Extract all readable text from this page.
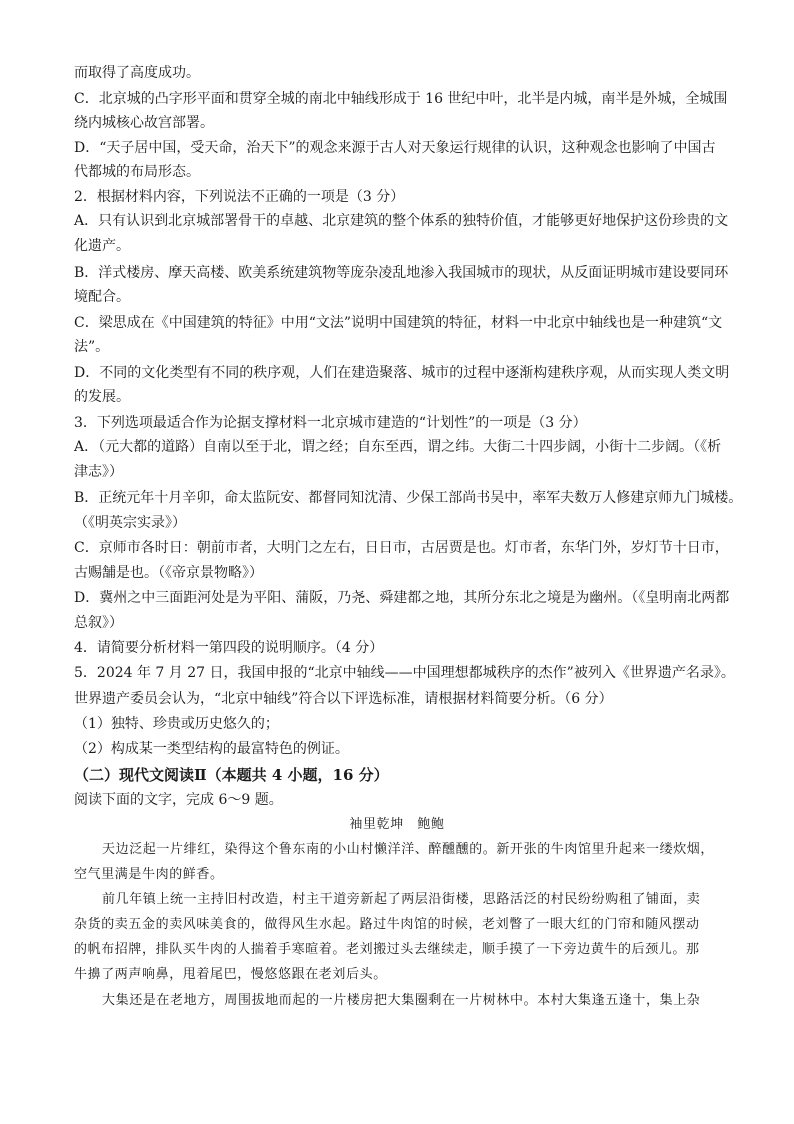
而取得了高度成功。
C．北京城的凸字形平面和贯穿全城的南北中轴线形成于 16 世纪中叶，北半是内城，南半是外城，全城围
绕内城核心故宫部署。
D．“天子居中国，受天命，治天下”的观念来源于古人对天象运行规律的认识，这种观念也影响了中国古
代都城的布局形态。
2．根据材料内容，下列说法不正确的一项是（3 分）
A．只有认识到北京城部署骨干的卓越、北京建筑的整个体系的独特价值，才能够更好地保护这份珍贵的文
化遗产。
B．洋式楼房、摩天高楼、欧美系统建筑物等庞杂凌乱地渗入我国城市的现状，从反面证明城市建设要同环
境配合。
C．梁思成在《中国建筑的特征》中用“文法”说明中国建筑的特征，材料一中北京中轴线也是一种建筑“文
法”。
D．不同的文化类型有不同的秩序观，人们在建造聚落、城市的过程中逐渐构建秩序观，从而实现人类文明
的发展。
3．下列选项最适合作为论据支撑材料一北京城市建造的“计划性”的一项是（3 分）
A．（元大都的道路）自南以至于北，谓之经；自东至西，谓之纬。大街二十四步阔，小街十二步阔。（《析
津志》）
B．正统元年十月辛卯，命太监阮安、都督同知沈清、少保工部尚书吴中，率军夫数万人修建京师九门城楼。
（《明英宗实录》）
C．京师市各时日：朝前市者，大明门之左右，日日市，古居贾是也。灯市者，东华门外，岁灯节十日市，
古赐舗是也。（《帝京景物略》）
D．冀州之中三面距河处是为平阳、蒲阪，乃尧、舜建都之地，其所分东北之境是为幽州。（《皇明南北两都
总叙》）
4．请简要分析材料一第四段的说明顺序。（4 分）
5．2024 年 7 月 27 日，我国申报的“北京中轴线——中国理想都城秩序的杰作”被列入《世界遗产名录》。
世界遗产委员会认为，“北京中轴线”符合以下评选标准，请根据材料简要分析。（6 分）
（1）独特、珍贵或历史悠久的；
（2）构成某一类型结构的最富特色的例证。
（二）现代文阅读Ⅱ（本题共 4 小题，16 分）
阅读下面的文字，完成 6～9 题。
袖里乾坤　鲍鲍
天边泛起一片绯红，染得这个鲁东南的小山村懒洋洋、醉醺醺的。新开张的牛肉馆里升起来一缕炊烟，
空气里满是牛肉的鲜香。
前几年镇上统一主持旧村改造，村主干道旁新起了两层沿街楼，思路活泛的村民纷纷购租了铺面，卖
杂货的卖五金的卖风味美食的，做得风生水起。路过牛肉馆的时候，老刘瞥了一眼大红的门帘和随风摆动
的帆布招牌，排队买牛肉的人揣着手寒暄着。老刘搬过头去继续走，顺手摸了一下旁边黄牛的后颈儿。那
牛擤了两声响鼻，甩着尾巴，慢悠悠跟在老刘后头。
大集还是在老地方，周围拔地而起的一片楼房把大集圈剩在一片树林中。本村大集逢五逢十，集上杂
